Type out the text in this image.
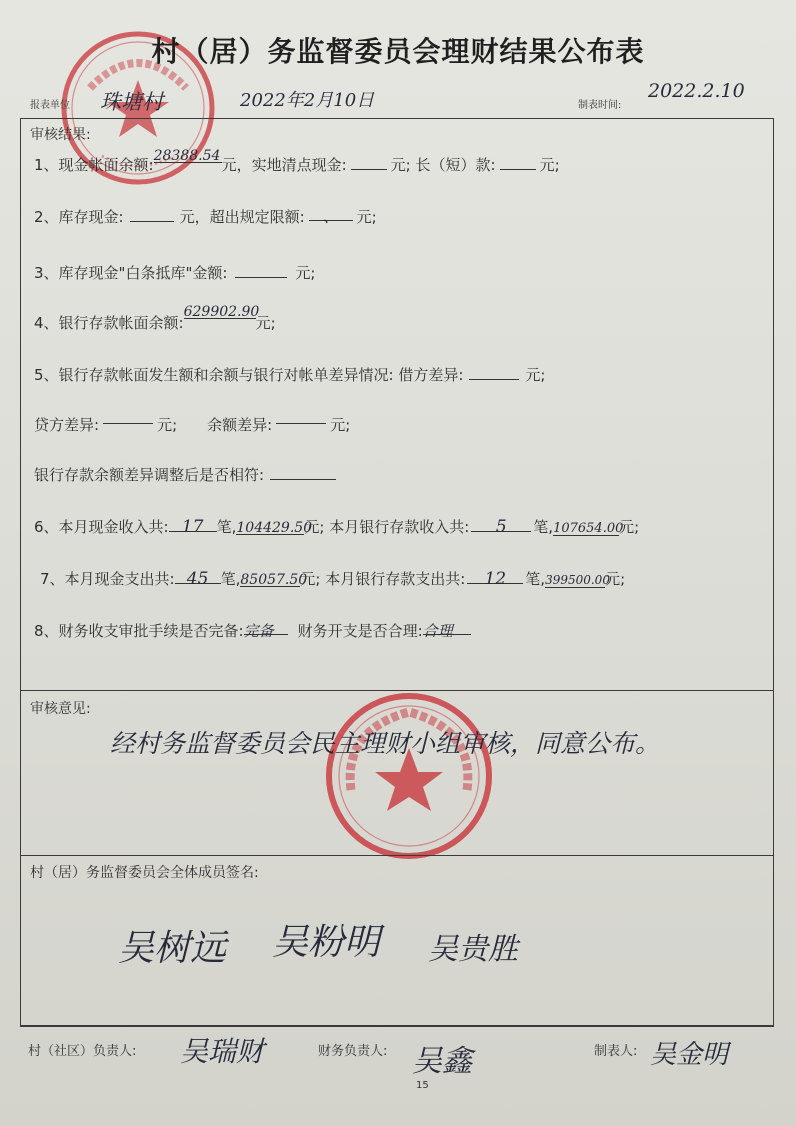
村（居）务监督委员会理财结果公布表
报表单位 珠塘村	2022年2月10日	制表时间:
2022.2.10
审核结果:
1、现金帐面余额:28388.54元，实地清点现金:	元; 长（短）款:	元;
2、库存现金:	元，超出规定限额: 、 元;
3、库存现金"白条抵库"金额:	元;
4、银行存款帐面余额:629902.90元;
5、银行存款帐面发生额和余额与银行对帐单差异情况: 借方差异:	元;
贷方差异:	元; 余额差异:	元;
银行存款余额差异调整后是否相符:
6、本月现金收入共: 17 笔,104429.50元; 本月银行存款收入共: 5 笔,107654.00元;
7、本月现金支出共: 45 笔,85057.50元; 本月银行存款支出共: 12 笔,399500.00元;
8、财务收支审批手续是否完备:完备 财务开支是否合理:合理
审核意见:
经村务监督委员会民主理财小组审核，同意公布。
村（居）务监督委员会全体成员签名:
吴树远 吴粉明 吴贵胜
村（社区）负责人: 吴瑞财	财务负责人: 吴鑫	制表人: 吴金明
15
